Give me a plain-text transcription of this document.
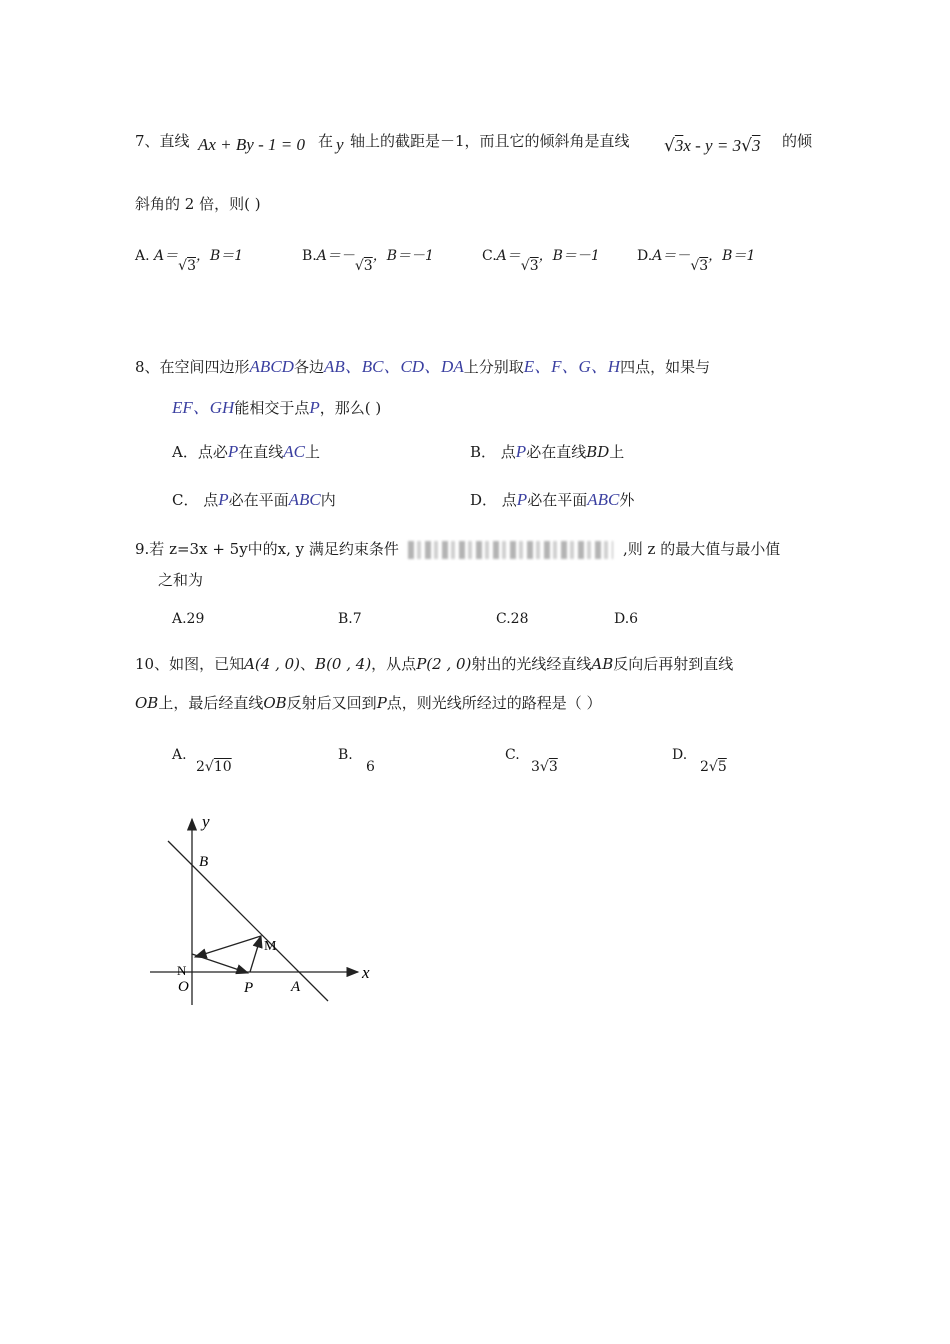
7、直线 Ax + By - 1 = 0 在 y 轴上的截距是－1，而且它的倾斜角是直线 √3x - y = 3√3 的倾
斜角的 2 倍，则( )
A. A＝√3，B＝1	B.A＝－√3，B＝－1	C.A＝√3，B＝－1	D.A＝－√3，B＝1
8、在空间四边形ABCD各边AB、BC、CD、DA上分别取E、F、G、H四点，如果与
EF、GH能相交于点P，那么( )
A．点必P在直线AC上	B． 点P必在直线BD上
C． 点P必在平面ABC内	D． 点P必在平面ABC外
9.若 z=3x + 5y中的x, y 满足约束条件	,则 z 的最大值与最小值
之和为
A.29	B.7	C.28	D.6
10、如图，已知A(4 , 0)、B(0 , 4)，从点P(2 , 0)射出的光线经直线AB反向后再射到直线
OB上，最后经直线OB反射后又回到P点，则光线所经过的路程是（ ）
A.
2√10
B.
6
C.
3√3
D.
2√5
y
x
B
M
N
O	P	A
